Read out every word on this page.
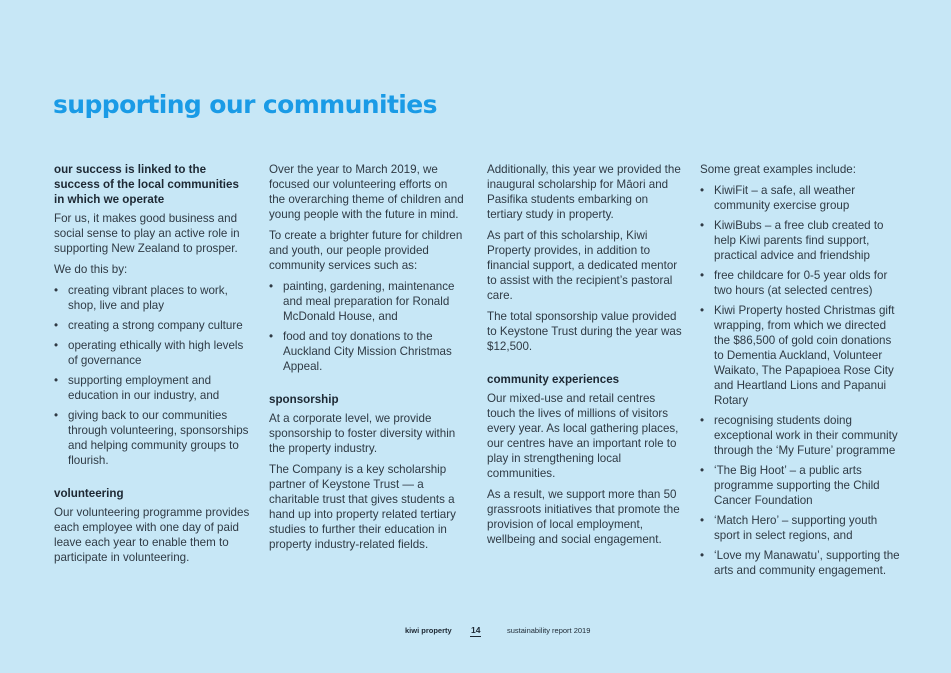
supporting our communities
our success is linked to the success of the local communities in which we operate

For us, it makes good business and social sense to play an active role in supporting New Zealand to prosper.

We do this by:

• creating vibrant places to work, shop, live and play
• creating a strong company culture
• operating ethically with high levels of governance
• supporting employment and education in our industry, and
• giving back to our communities through volunteering, sponsorships and helping community groups to flourish.
volunteering

Our volunteering programme provides each employee with one day of paid leave each year to enable them to participate in volunteering.

Over the year to March 2019, we focused our volunteering efforts on the overarching theme of children and young people with the future in mind.

To create a brighter future for children and youth, our people provided community services such as:

• painting, gardening, maintenance and meal preparation for Ronald McDonald House, and
• food and toy donations to the Auckland City Mission Christmas Appeal.
sponsorship

At a corporate level, we provide sponsorship to foster diversity within the property industry.

The Company is a key scholarship partner of Keystone Trust — a charitable trust that gives students a hand up into property related tertiary studies to further their education in property industry-related fields.

Additionally, this year we provided the inaugural scholarship for Māori and Pasifika students embarking on tertiary study in property.

As part of this scholarship, Kiwi Property provides, in addition to financial support, a dedicated mentor to assist with the recipient’s pastoral care.

The total sponsorship value provided to Keystone Trust during the year was $12,500.

community experiences

Our mixed-use and retail centres touch the lives of millions of visitors every year. As local gathering places, our centres have an important role to play in strengthening local communities.

As a result, we support more than 50 grassroots initiatives that promote the provision of local employment, wellbeing and social engagement.

Some great examples include:

• KiwiFit – a safe, all weather community exercise group
• KiwiBubs – a free club created to help Kiwi parents find support, practical advice and friendship
• free childcare for 0-5 year olds for two hours (at selected centres)
• Kiwi Property hosted Christmas gift wrapping, from which we directed the $86,500 of gold coin donations to Dementia Auckland, Volunteer Waikato, The Papapioea Rose City and Heartland Lions and Papanui Rotary
• recognising students doing exceptional work in their community through the ‘My Future’ programme
• ‘The Big Hoot’ – a public arts programme supporting the Child Cancer Foundation
• ‘Match Hero’ – supporting youth sport in select regions, and
• ‘Love my Manawatu’, supporting the arts and community engagement.
kiwi property 14	sustainability report 2019
